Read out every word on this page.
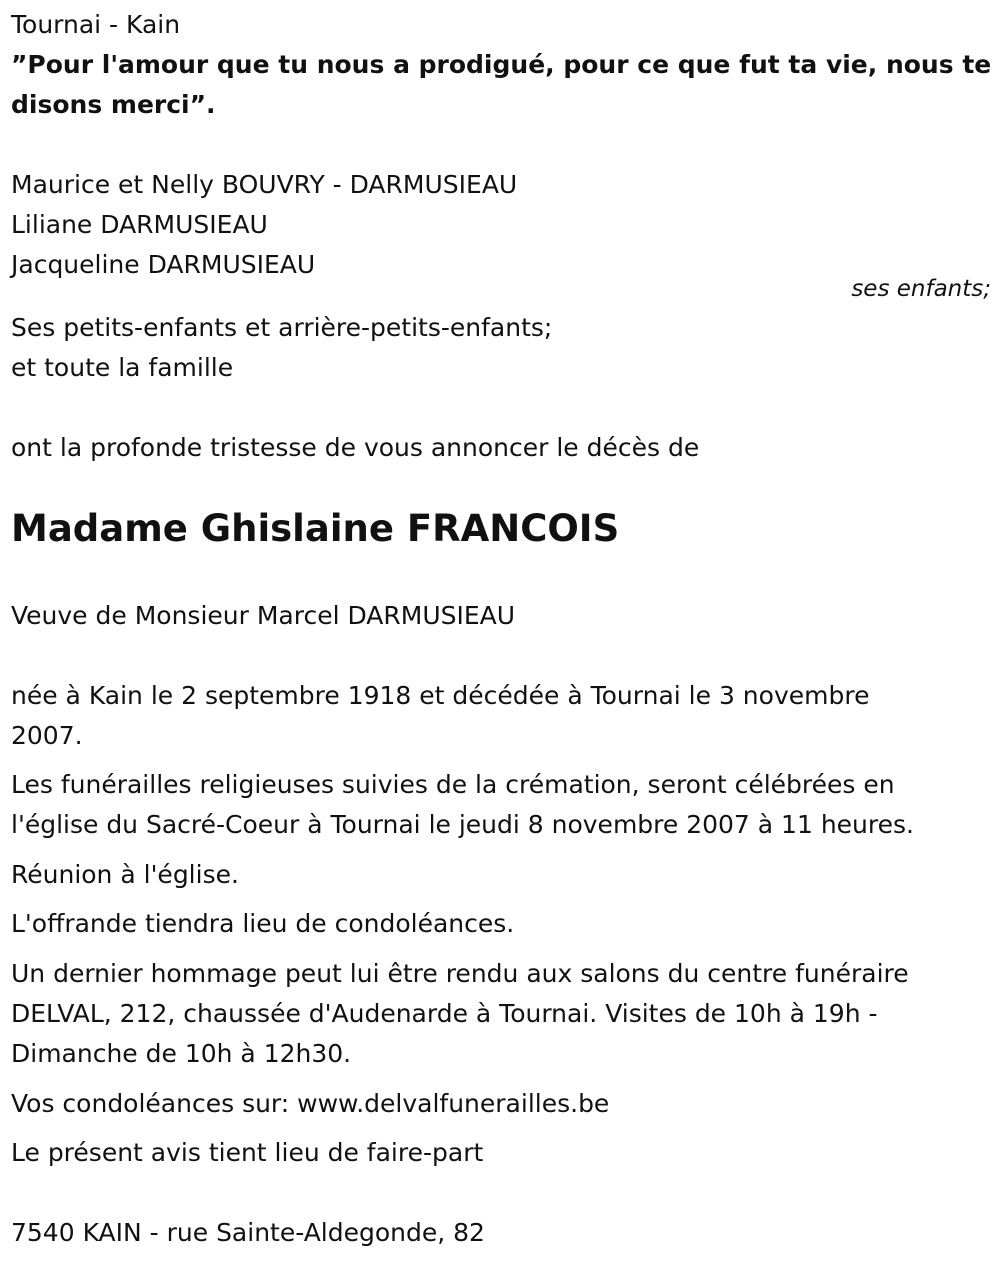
Tournai - Kain

”Pour l'amour que tu nous a prodigué, pour ce que fut ta vie, nous te

disons merci”.

Maurice et Nelly BOUVRY - DARMUSIEAU

Liliane DARMUSIEAU

Jacqueline DARMUSIEAU

ses enfants;

Ses petits-enfants et arrière-petits-enfants;

et toute la famille

ont la profonde tristesse de vous annoncer le décès de

Madame Ghislaine FRANCOIS

Veuve de Monsieur Marcel DARMUSIEAU

née à Kain le 2 septembre 1918 et décédée à Tournai le 3 novembre

2007.

Les funérailles religieuses suivies de la crémation, seront célébrées en

l'église du Sacré-Coeur à Tournai le jeudi 8 novembre 2007 à 11 heures.

Réunion à l'église.

L'offrande tiendra lieu de condoléances.

Un dernier hommage peut lui être rendu aux salons du centre funéraire

DELVAL, 212, chaussée d'Audenarde à Tournai. Visites de 10h à 19h -

Dimanche de 10h à 12h30.

Vos condoléances sur: www.delvalfunerailles.be

Le présent avis tient lieu de faire-part

7540 KAIN - rue Sainte-Aldegonde, 82
